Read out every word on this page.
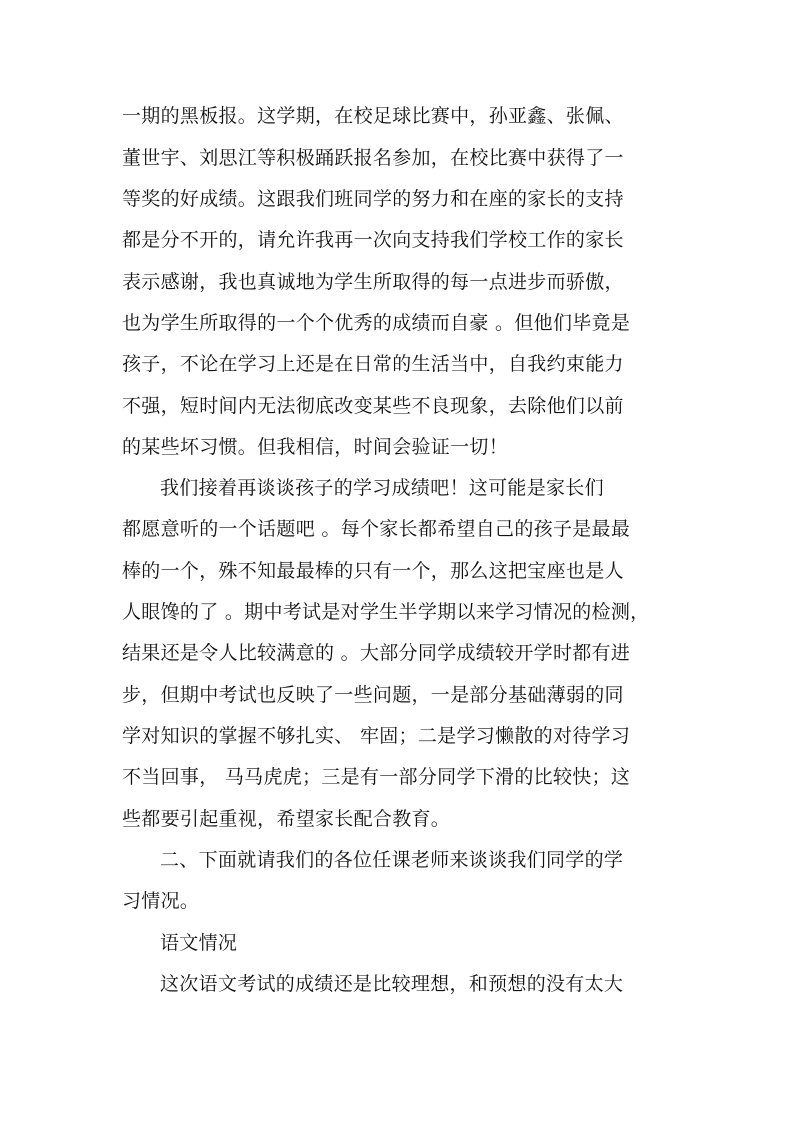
一期的黑板报。这学期，在校足球比赛中，孙亚鑫、张佩、
董世宇、刘思江等积极踊跃报名参加，在校比赛中获得了一
等奖的好成绩。这跟我们班同学的努力和在座的家长的支持
都是分不开的，请允许我再一次向支持我们学校工作的家长
表示感谢，我也真诚地为学生所取得的每一点进步而骄傲，
也为学生所取得的一个个优秀的成绩而自豪 。但他们毕竟是
孩子，不论在学习上还是在日常的生活当中，自我约束能力
不强，短时间内无法彻底改变某些不良现象，去除他们以前
的某些坏习惯。但我相信，时间会验证一切！
我们接着再谈谈孩子的学习成绩吧！这可能是家长们
都愿意听的一个话题吧 。每个家长都希望自己的孩子是最最
棒的一个，殊不知最最棒的只有一个，那么这把宝座也是人
人眼馋的了 。期中考试是对学生半学期以来学习情况的检测，
结果还是令人比较满意的 。大部分同学成绩较开学时都有进
步，但期中考试也反映了一些问题，一是部分基础薄弱的同
学对知识的掌握不够扎实、 牢固；二是学习懒散的对待学习
不当回事， 马马虎虎；三是有一部分同学下滑的比较快；这
些都要引起重视，希望家长配合教育。
二、下面就请我们的各位任课老师来谈谈我们同学的学
习情况。
语文情况
这次语文考试的成绩还是比较理想，和预想的没有太大
